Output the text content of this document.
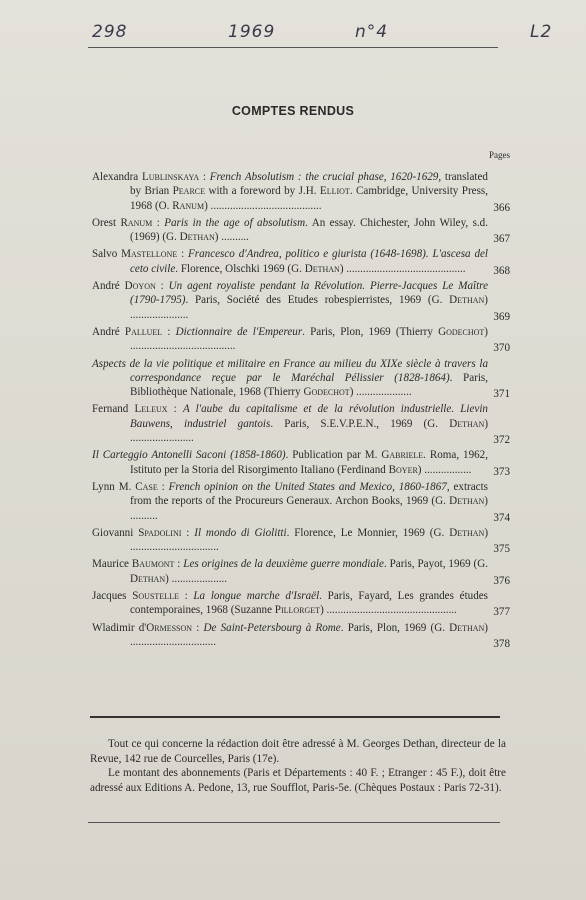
298	1969	n°4	L2
COMPTES RENDUS
Pages
Alexandra Lublinskaya : French Absolutism : the crucial phase, 1620-1629, translated by Brian Pearce with a foreword by J.H. Elliot. Cambridge, University Press, 1968 (O. Ranum) ........................................	366
Orest Ranum : Paris in the age of absolutism. An essay. Chichester, John Wiley, s.d. (1969) (G. Dethan) ..........	367
Salvo Mastellone : Francesco d'Andrea, politico e giurista (1648-1698). L'ascesa del ceto civile. Florence, Olschki 1969 (G. Dethan) ...........................................	368
André Doyon : Un agent royaliste pendant la Révolution. Pierre-Jacques Le Maître (1790-1795). Paris, Société des Etudes robespierristes, 1969 (G. Dethan) .....................	369
André Palluel : Dictionnaire de l'Empereur. Paris, Plon, 1969 (Thierry Godechot) ......................................	370
Aspects de la vie politique et militaire en France au milieu du XIXe siècle à travers la correspondance reçue par le Maréchal Pélissier (1828-1864). Paris, Bibliothèque Nationale, 1968 (Thierry Godechot) ....................	371
Fernand Leleux : A l'aube du capitalisme et de la révolution industrielle. Lievin Bauwens, industriel gantois. Paris, S.E.V.P.E.N., 1969 (G. Dethan) .......................	372
Il Carteggio Antonelli Saconi (1858-1860). Publication par M. Gabriele. Roma, 1962, Istituto per la Storia del Risorgimento Italiano (Ferdinand Boyer) .................	373
Lynn M. Case : French opinion on the United States and Mexico, 1860-1867, extracts from the reports of the Procureurs Generaux. Archon Books, 1969 (G. Dethan) ..........	374
Giovanni Spadolini : Il mondo di Giolitti. Florence, Le Monnier, 1969 (G. Dethan) ................................	375
Maurice Baumont : Les origines de la deuxième guerre mondiale. Paris, Payot, 1969 (G. Dethan) ....................	376
Jacques Soustelle : La longue marche d'Israël. Paris, Fayard, Les grandes études contemporaines, 1968 (Suzanne Pillorget) ...............................................	377
Wladimir d'Ormesson : De Saint-Petersbourg à Rome. Paris, Plon, 1969 (G. Dethan) ...............................	378

Tout ce qui concerne la rédaction doit être adressé à M. Georges Dethan, directeur de la Revue, 142 rue de Courcelles, Paris (17e).

Le montant des abonnements (Paris et Départements : 40 F. ; Etranger : 45 F.), doit être adressé aux Editions A. Pedone, 13, rue Soufflot, Paris-5e. (Chèques Postaux : Paris 72-31).
